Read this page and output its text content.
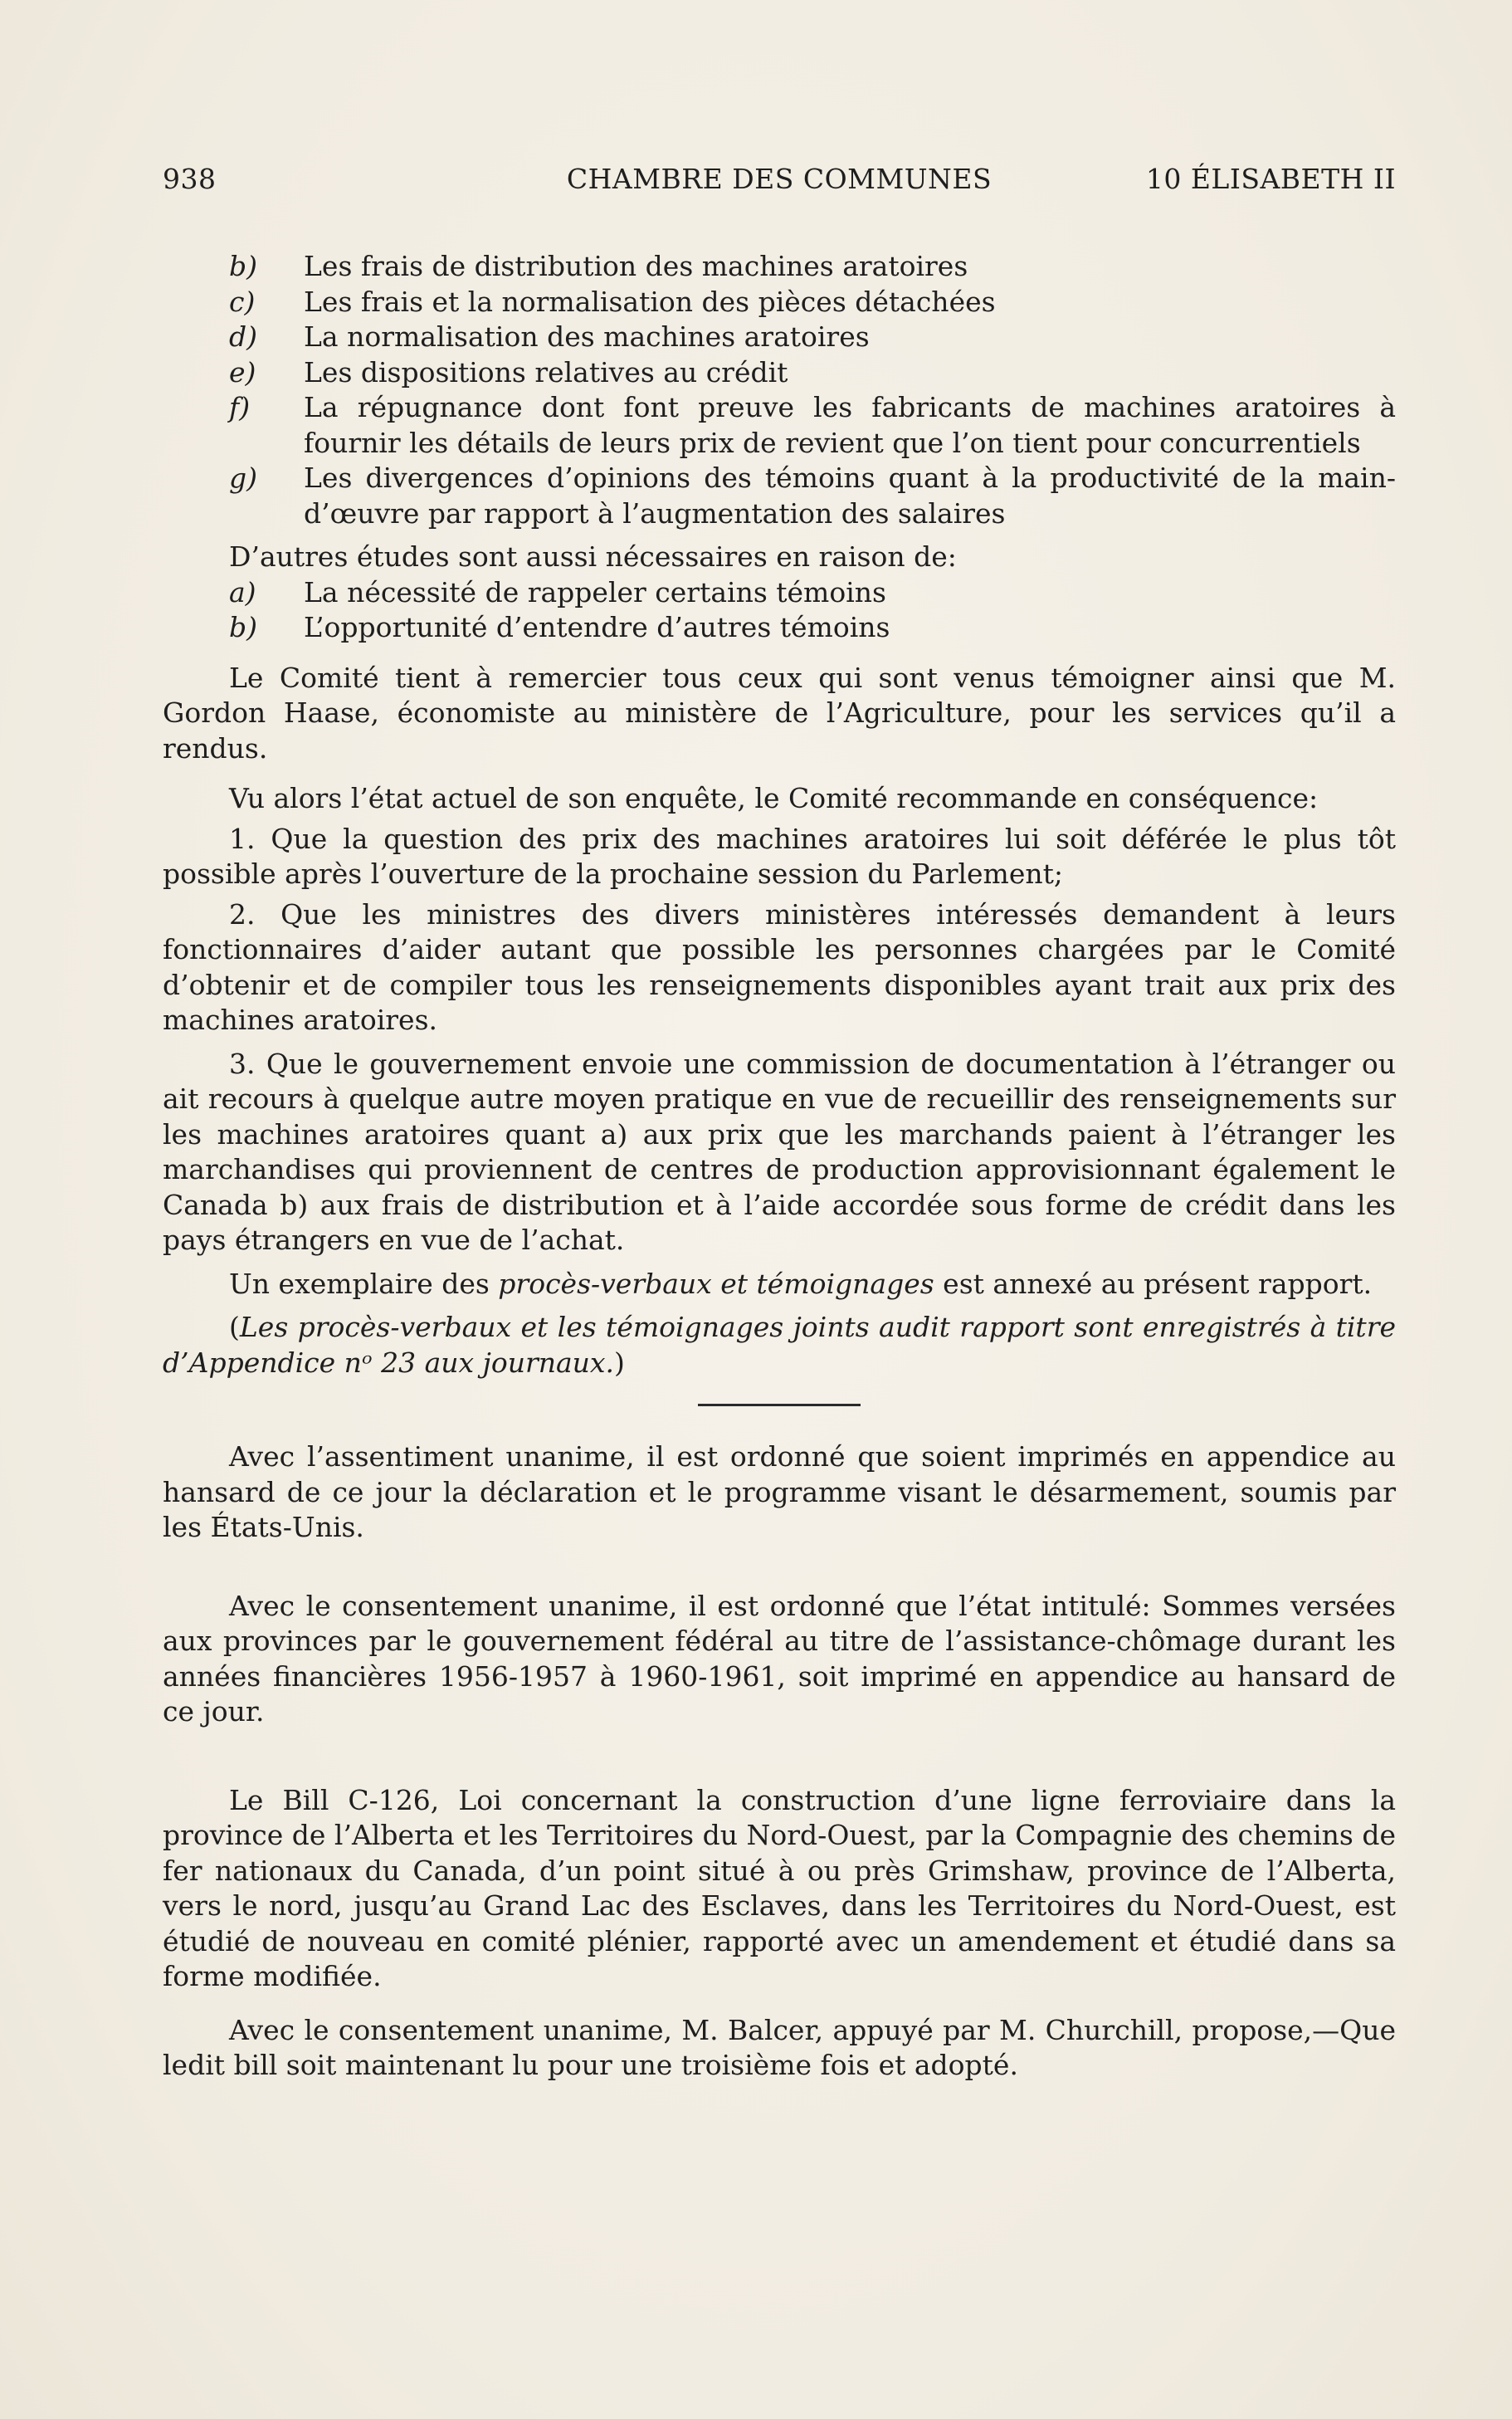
938	CHAMBRE DES COMMUNES	10 ÉLISABETH II
b) Les frais de distribution des machines aratoires
c) Les frais et la normalisation des pièces détachées
d) La normalisation des machines aratoires
e) Les dispositions relatives au crédit
f) La répugnance dont font preuve les fabricants de machines aratoires à fournir les détails de leurs prix de revient que l’on tient pour concurrentiels
g) Les divergences d’opinions des témoins quant à la productivité de la main-d’œuvre par rapport à l’augmentation des salaires
D’autres études sont aussi nécessaires en raison de:
a) La nécessité de rappeler certains témoins
b) L’opportunité d’entendre d’autres témoins

Le Comité tient à remercier tous ceux qui sont venus témoigner ainsi que M. Gordon Haase, économiste au ministère de l’Agriculture, pour les services qu’il a rendus.

Vu alors l’état actuel de son enquête, le Comité recommande en conséquence:

1. Que la question des prix des machines aratoires lui soit déférée le plus tôt possible après l’ouverture de la prochaine session du Parlement;

2. Que les ministres des divers ministères intéressés demandent à leurs fonctionnaires d’aider autant que possible les personnes chargées par le Comité d’obtenir et de compiler tous les renseignements disponibles ayant trait aux prix des machines aratoires.

3. Que le gouvernement envoie une commission de documentation à l’étranger ou ait recours à quelque autre moyen pratique en vue de recueillir des renseignements sur les machines aratoires quant a) aux prix que les marchands paient à l’étranger les marchandises qui proviennent de centres de production approvisionnant également le Canada b) aux frais de distribution et à l’aide accordée sous forme de crédit dans les pays étrangers en vue de l’achat.

Un exemplaire des procès-verbaux et témoignages est annexé au présent rapport.

(Les procès-verbaux et les témoignages joints audit rapport sont enregistrés à titre d’Appendice nᵒ 23 aux journaux.)

Avec l’assentiment unanime, il est ordonné que soient imprimés en appendice au hansard de ce jour la déclaration et le programme visant le désarmement, soumis par les États-Unis.

Avec le consentement unanime, il est ordonné que l’état intitulé: Sommes versées aux provinces par le gouvernement fédéral au titre de l’assistance-chômage durant les années financières 1956-1957 à 1960-1961, soit imprimé en appendice au hansard de ce jour.

Le Bill C-126, Loi concernant la construction d’une ligne ferroviaire dans la province de l’Alberta et les Territoires du Nord-Ouest, par la Compagnie des chemins de fer nationaux du Canada, d’un point situé à ou près Grimshaw, province de l’Alberta, vers le nord, jusqu’au Grand Lac des Esclaves, dans les Territoires du Nord-Ouest, est étudié de nouveau en comité plénier, rapporté avec un amendement et étudié dans sa forme modifiée.

Avec le consentement unanime, M. Balcer, appuyé par M. Churchill, propose,—Que ledit bill soit maintenant lu pour une troisième fois et adopté.
